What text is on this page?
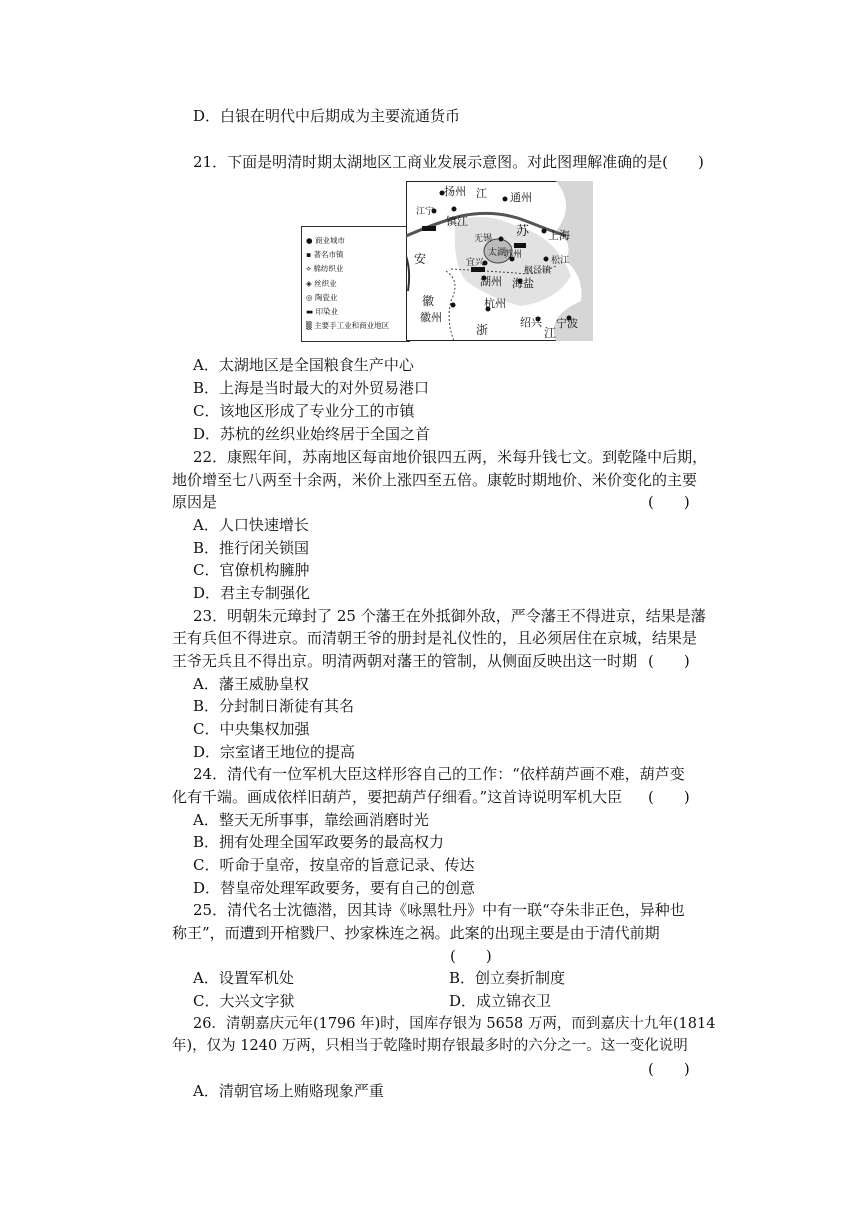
D．白银在明代中后期成为主要流通货币
21．下面是明清时期太湖地区工商业发展示意图。对此图理解准确的是(　　)
● 商业城市
▪ 著名市镇
⟡ 棉纺织业
◈ 丝织业
◎ 陶瓷业
▬ 印染业
▒ 主要手工业和商业地区
扬州 江 通州
镇江
江宁
苏 上海
无锡
太湖
苏州
松江
宜兴
安
湖州 海盐
枫泾镇
徽
徽州
杭州
浙
绍兴 宁波
江
A．太湖地区是全国粮食生产中心
B．上海是当时最大的对外贸易港口
C．该地区形成了专业分工的市镇
D．苏杭的丝织业始终居于全国之首
22．康熙年间，苏南地区每亩地价银四五两，米每升钱七文。到乾隆中后期，
地价增至七八两至十余两，米价上涨四至五倍。康乾时期地价、米价变化的主要
原因是	(　　)
A．人口快速增长
B．推行闭关锁国
C．官僚机构臃肿
D．君主专制强化
23．明朝朱元璋封了 25 个藩王在外抵御外敌，严令藩王不得进京，结果是藩
王有兵但不得进京。而清朝王爷的册封是礼仪性的，且必须居住在京城，结果是
王爷无兵且不得出京。明清两朝对藩王的管制，从侧面反映出这一时期 (　　)
A．藩王威胁皇权
B．分封制日渐徒有其名
C．中央集权加强
D．宗室诸王地位的提高
24．清代有一位军机大臣这样形容自己的工作：“依样葫芦画不难，葫芦变
化有千端。画成依样旧葫芦，要把葫芦仔细看。”这首诗说明军机大臣 (　　)
A．整天无所事事，靠绘画消磨时光
B．拥有处理全国军政要务的最高权力
C．听命于皇帝，按皇帝的旨意记录、传达
D．替皇帝处理军政要务，要有自己的创意
25．清代名士沈德潜，因其诗《咏黑牡丹》中有一联“夺朱非正色，异种也
称王”，而遭到开棺戮尸、抄家株连之祸。此案的出现主要是由于清代前期
(　　)
A．设置军机处	B．创立奏折制度
C．大兴文字狱	D．成立锦衣卫
26．清朝嘉庆元年(1796 年)时，国库存银为 5658 万两，而到嘉庆十九年(1814
年)，仅为 1240 万两，只相当于乾隆时期存银最多时的六分之一。这一变化说明
(　　)
A．清朝官场上贿赂现象严重
